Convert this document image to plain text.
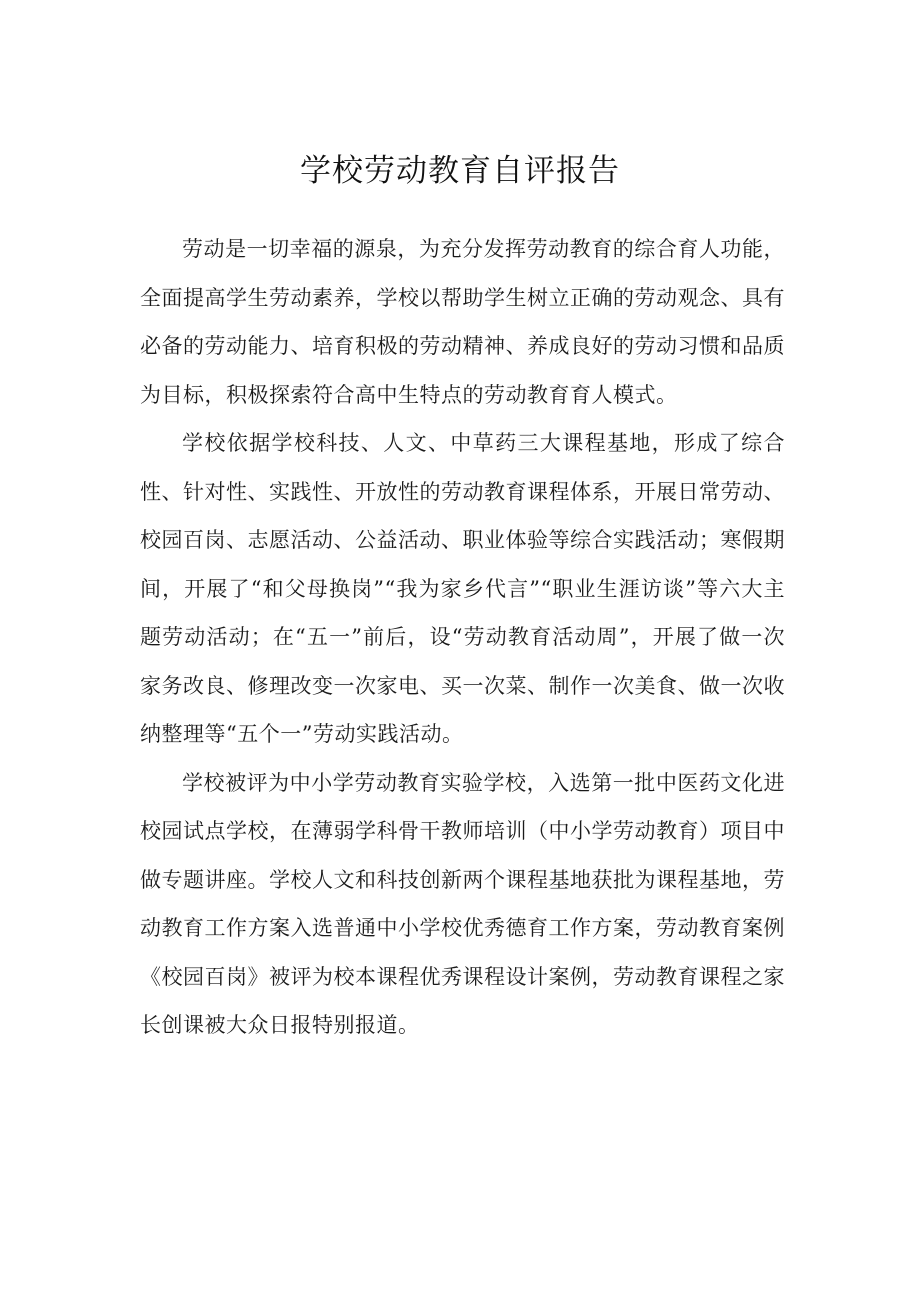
学校劳动教育自评报告

劳动是一切幸福的源泉，为充分发挥劳动教育的综合育人功能，全面提高学生劳动素养，学校以帮助学生树立正确的劳动观念、具有必备的劳动能力、培育积极的劳动精神、养成良好的劳动习惯和品质为目标，积极探索符合高中生特点的劳动教育育人模式。

学校依据学校科技、人文、中草药三大课程基地，形成了综合性、针对性、实践性、开放性的劳动教育课程体系，开展日常劳动、校园百岗、志愿活动、公益活动、职业体验等综合实践活动；寒假期间，开展了“和父母换岗”“我为家乡代言”“职业生涯访谈”等六大主题劳动活动；在“五一”前后，设“劳动教育活动周”，开展了做一次家务改良、修理改变一次家电、买一次菜、制作一次美食、做一次收纳整理等“五个一”劳动实践活动。

学校被评为中小学劳动教育实验学校，入选第一批中医药文化进校园试点学校，在薄弱学科骨干教师培训（中小学劳动教育）项目中做专题讲座。学校人文和科技创新两个课程基地获批为课程基地，劳动教育工作方案入选普通中小学校优秀德育工作方案，劳动教育案例《校园百岗》被评为校本课程优秀课程设计案例，劳动教育课程之家长创课被大众日报特别报道。
